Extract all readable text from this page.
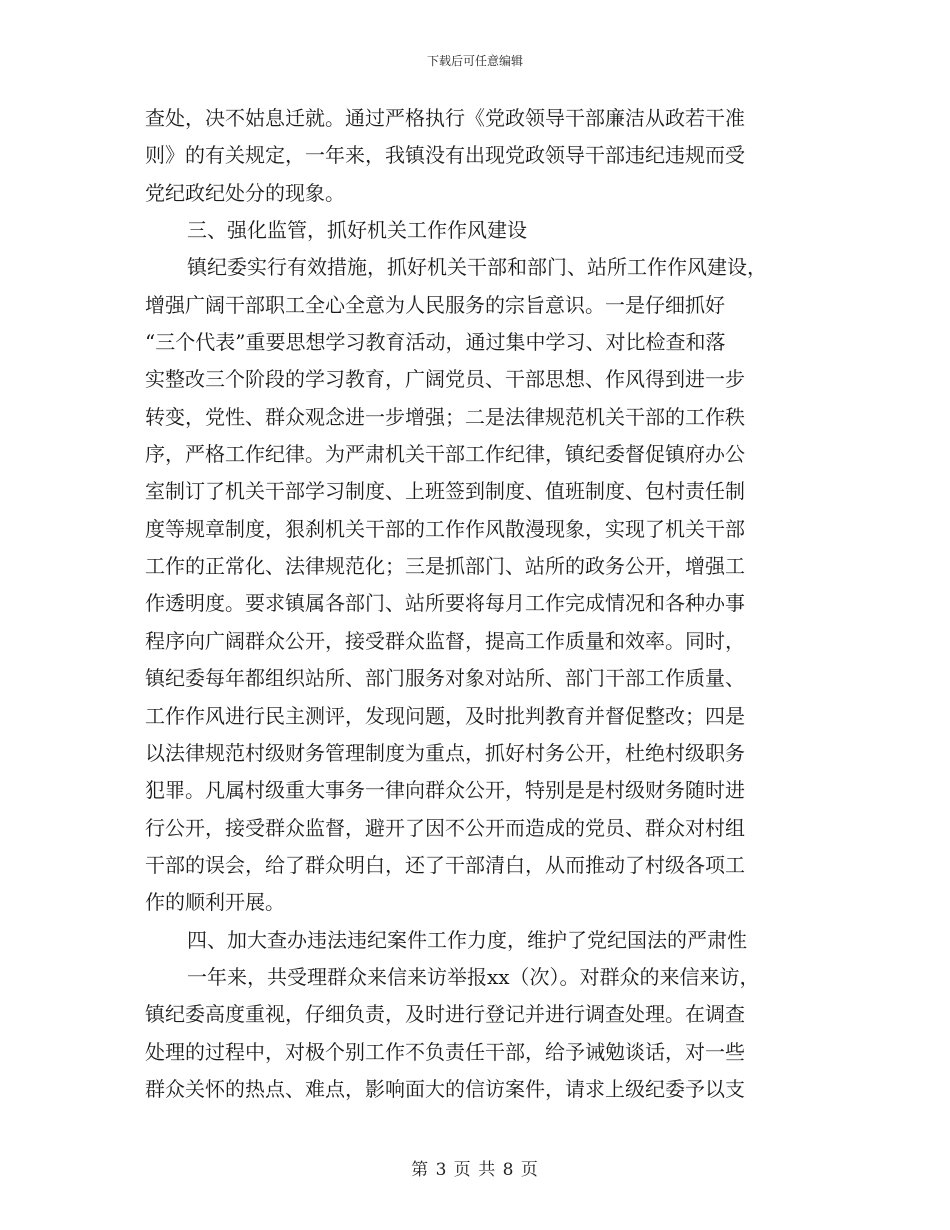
下载后可任意编辑
查处，决不姑息迁就。通过严格执行《党政领导干部廉洁从政若干准
则》的有关规定，一年来，我镇没有出现党政领导干部违纪违规而受
党纪政纪处分的现象。
三、强化监管，抓好机关工作作风建设
镇纪委实行有效措施，抓好机关干部和部门、站所工作作风建设，
增强广阔干部职工全心全意为人民服务的宗旨意识。一是仔细抓好
“三个代表”重要思想学习教育活动，通过集中学习、对比检查和落
实整改三个阶段的学习教育，广阔党员、干部思想、作风得到进一步
转变，党性、群众观念进一步增强；二是法律规范机关干部的工作秩
序，严格工作纪律。为严肃机关干部工作纪律，镇纪委督促镇府办公
室制订了机关干部学习制度、上班签到制度、值班制度、包村责任制
度等规章制度，狠刹机关干部的工作作风散漫现象，实现了机关干部
工作的正常化、法律规范化；三是抓部门、站所的政务公开，增强工
作透明度。要求镇属各部门、站所要将每月工作完成情况和各种办事
程序向广阔群众公开，接受群众监督，提高工作质量和效率。同时，
镇纪委每年都组织站所、部门服务对象对站所、部门干部工作质量、
工作作风进行民主测评，发现问题，及时批判教育并督促整改；四是
以法律规范村级财务管理制度为重点，抓好村务公开，杜绝村级职务
犯罪。凡属村级重大事务一律向群众公开，特别是是村级财务随时进
行公开，接受群众监督，避开了因不公开而造成的党员、群众对村组
干部的误会，给了群众明白，还了干部清白，从而推动了村级各项工
作的顺利开展。
四、加大查办违法违纪案件工作力度，维护了党纪国法的严肃性
一年来，共受理群众来信来访举报xx（次）。对群众的来信来访，
镇纪委高度重视，仔细负责，及时进行登记并进行调查处理。在调查
处理的过程中，对极个别工作不负责任干部，给予诫勉谈话，对一些
群众关怀的热点、难点，影响面大的信访案件，请求上级纪委予以支
第 3 页 共 8 页
